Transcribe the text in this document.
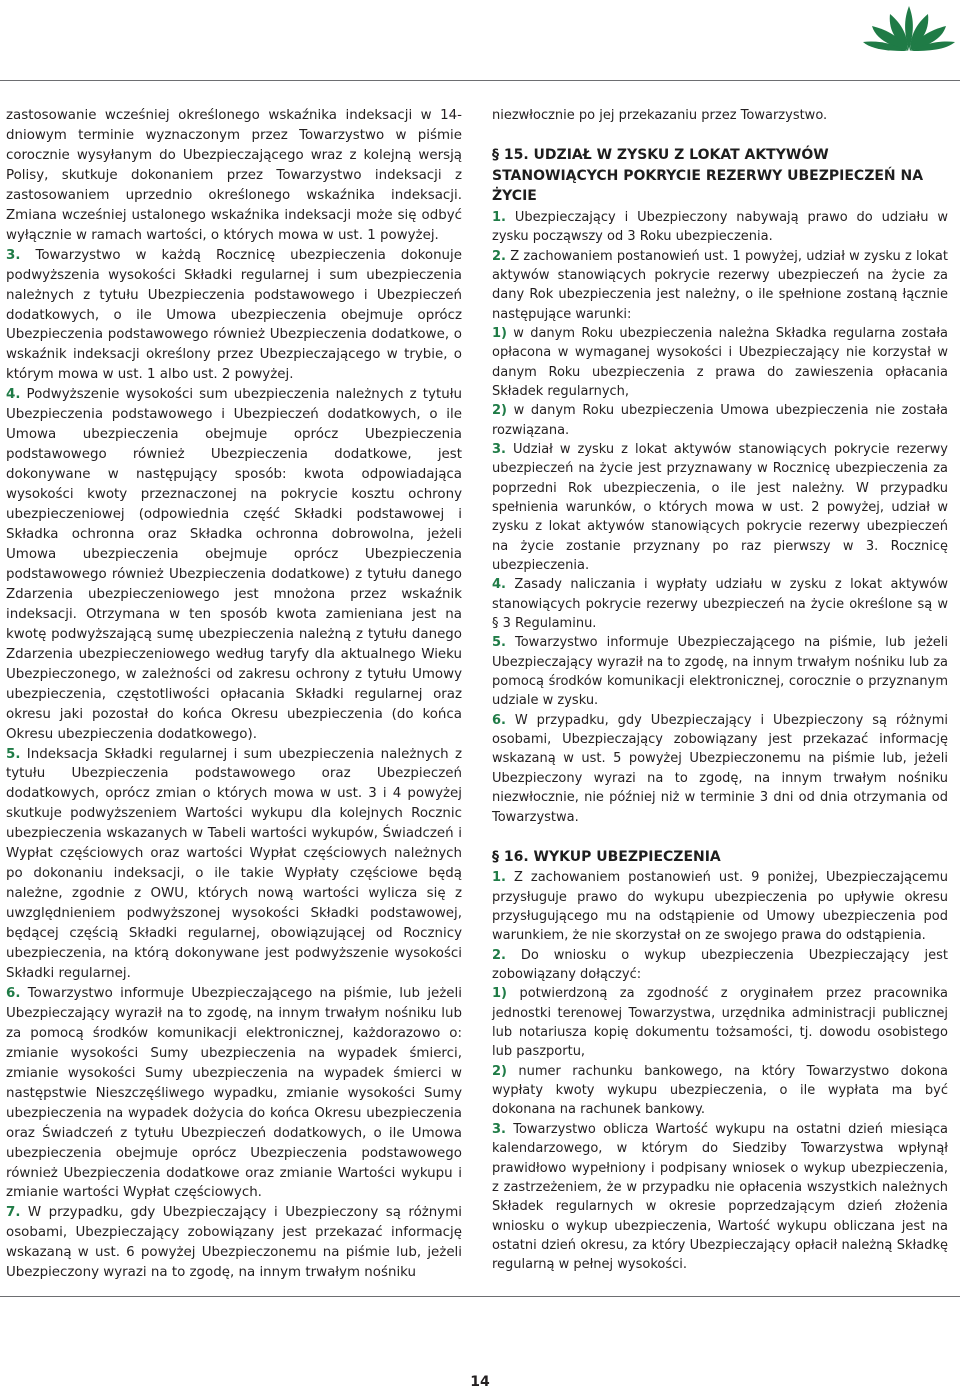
zastosowanie wcześniej określonego wskaźnika indeksacji w 14-dniowym terminie wyznaczonym przez Towarzystwo w piśmie corocznie wysyłanym do Ubezpieczającego wraz z kolejną wersją Polisy, skutkuje dokonaniem przez Towarzystwo indeksacji z zastosowaniem uprzednio określonego wskaźnika indeksacji. Zmiana wcześniej ustalonego wskaźnika indeksacji może się odbyć wyłącznie w ramach wartości, o których mowa w ust. 1 powyżej.

3. Towarzystwo w każdą Rocznicę ubezpieczenia dokonuje podwyższenia wysokości Składki regularnej i sum ubezpieczenia należnych z tytułu Ubezpieczenia podstawowego i Ubezpieczeń dodatkowych, o ile Umowa ubezpieczenia obejmuje oprócz Ubezpieczenia podstawowego również Ubezpieczenia dodatkowe, o wskaźnik indeksacji określony przez Ubezpieczającego w trybie, o którym mowa w ust. 1 albo ust. 2 powyżej.

4. Podwyższenie wysokości sum ubezpieczenia należnych z tytułu Ubezpieczenia podstawowego i Ubezpieczeń dodatkowych, o ile Umowa ubezpieczenia obejmuje oprócz Ubezpieczenia podstawowego również Ubezpieczenia dodatkowe, jest dokonywane w następujący sposób: kwota odpowiadająca wysokości kwoty przeznaczonej na pokrycie kosztu ochrony ubezpieczeniowej (odpowiednia część Składki podstawowej i Składka ochronna oraz Składka ochronna dobrowolna, jeżeli Umowa ubezpieczenia obejmuje oprócz Ubezpieczenia podstawowego również Ubezpieczenia dodatkowe) z tytułu danego Zdarzenia ubezpieczeniowego jest mnożona przez wskaźnik indeksacji. Otrzymana w ten sposób kwota zamieniana jest na kwotę podwyższającą sumę ubezpieczenia należną z tytułu danego Zdarzenia ubezpieczeniowego według taryfy dla aktualnego Wieku Ubezpieczonego, w zależności od zakresu ochrony z tytułu Umowy ubezpieczenia, częstotliwości opłacania Składki regularnej oraz okresu jaki pozostał do końca Okresu ubezpieczenia (do końca Okresu ubezpieczenia dodatkowego).

5. Indeksacja Składki regularnej i sum ubezpieczenia należnych z tytułu Ubezpieczenia podstawowego oraz Ubezpieczeń dodatkowych, oprócz zmian o których mowa w ust. 3 i 4 powyżej skutkuje podwyższeniem Wartości wykupu dla kolejnych Rocznic ubezpieczenia wskazanych w Tabeli wartości wykupów, Świadczeń i Wypłat częściowych oraz wartości Wypłat częściowych należnych po dokonaniu indeksacji, o ile takie Wypłaty częściowe będą należne, zgodnie z OWU, których nową wartości wylicza się z uwzględnieniem podwyższonej wysokości Składki podstawowej, będącej częścią Składki regularnej, obowiązującej od Rocznicy ubezpieczenia, na którą dokonywane jest podwyższenie wysokości Składki regularnej.

6. Towarzystwo informuje Ubezpieczającego na piśmie, lub jeżeli Ubezpieczający wyraził na to zgodę, na innym trwałym nośniku lub za pomocą środków komunikacji elektronicznej, każdorazowo o: zmianie wysokości Sumy ubezpieczenia na wypadek śmierci, zmianie wysokości Sumy ubezpieczenia na wypadek śmierci w następstwie Nieszczęśliwego wypadku, zmianie wysokości Sumy ubezpieczenia na wypadek dożycia do końca Okresu ubezpieczenia oraz Świadczeń z tytułu Ubezpieczeń dodatkowych, o ile Umowa ubezpieczenia obejmuje oprócz Ubezpieczenia podstawowego również Ubezpieczenia dodatkowe oraz zmianie Wartości wykupu i zmianie wartości Wypłat częściowych.

7. W przypadku, gdy Ubezpieczający i Ubezpieczony są różnymi osobami, Ubezpieczający zobowiązany jest przekazać informację wskazaną w ust. 6 powyżej Ubezpieczonemu na piśmie lub, jeżeli Ubezpieczony wyrazi na to zgodę, na innym trwałym nośniku

niezwłocznie po jej przekazaniu przez Towarzystwo.

§ 15. UDZIAŁ W ZYSKU Z LOKAT AKTYWÓW STANOWIĄCYCH POKRYCIE REZERWY UBEZPIECZEŃ NA ŻYCIE

1. Ubezpieczający i Ubezpieczony nabywają prawo do udziału w zysku począwszy od 3 Roku ubezpieczenia.

2. Z zachowaniem postanowień ust. 1 powyżej, udział w zysku z lokat aktywów stanowiących pokrycie rezerwy ubezpieczeń na życie za dany Rok ubezpieczenia jest należny, o ile spełnione zostaną łącznie następujące warunki:

1) w danym Roku ubezpieczenia należna Składka regularna została opłacona w wymaganej wysokości i Ubezpieczający nie korzystał w danym Roku ubezpieczenia z prawa do zawieszenia opłacania Składek regularnych,

2) w danym Roku ubezpieczenia Umowa ubezpieczenia nie została rozwiązana.

3. Udział w zysku z lokat aktywów stanowiących pokrycie rezerwy ubezpieczeń na życie jest przyznawany w Rocznicę ubezpieczenia za poprzedni Rok ubezpieczenia, o ile jest należny. W przypadku spełnienia warunków, o których mowa w ust. 2 powyżej, udział w zysku z lokat aktywów stanowiących pokrycie rezerwy ubezpieczeń na życie zostanie przyznany po raz pierwszy w 3. Rocznicę ubezpieczenia.

4. Zasady naliczania i wypłaty udziału w zysku z lokat aktywów stanowiących pokrycie rezerwy ubezpieczeń na życie określone są w § 3 Regulaminu.

5. Towarzystwo informuje Ubezpieczającego na piśmie, lub jeżeli Ubezpieczający wyraził na to zgodę, na innym trwałym nośniku lub za pomocą środków komunikacji elektronicznej, corocznie o przyznanym udziale w zysku.

6. W przypadku, gdy Ubezpieczający i Ubezpieczony są różnymi osobami, Ubezpieczający zobowiązany jest przekazać informację wskazaną w ust. 5 powyżej Ubezpieczonemu na piśmie lub, jeżeli Ubezpieczony wyrazi na to zgodę, na innym trwałym nośniku niezwłocznie, nie później niż w terminie 3 dni od dnia otrzymania od Towarzystwa.

§ 16. WYKUP UBEZPIECZENIA

1. Z zachowaniem postanowień ust. 9 poniżej, Ubezpieczającemu przysługuje prawo do wykupu ubezpieczenia po upływie okresu przysługującego mu na odstąpienie od Umowy ubezpieczenia pod warunkiem, że nie skorzystał on ze swojego prawa do odstąpienia.

2. Do wniosku o wykup ubezpieczenia Ubezpieczający jest zobowiązany dołączyć:

1) potwierdzoną za zgodność z oryginałem przez pracownika jednostki terenowej Towarzystwa, urzędnika administracji publicznej lub notariusza kopię dokumentu tożsamości, tj. dowodu osobistego lub paszportu,

2) numer rachunku bankowego, na który Towarzystwo dokona wypłaty kwoty wykupu ubezpieczenia, o ile wypłata ma być dokonana na rachunek bankowy.

3. Towarzystwo oblicza Wartość wykupu na ostatni dzień miesiąca kalendarzowego, w którym do Siedziby Towarzystwa wpłynął prawidłowo wypełniony i podpisany wniosek o wykup ubezpieczenia, z zastrzeżeniem, że w przypadku nie opłacenia wszystkich należnych Składek regularnych w okresie poprzedzającym dzień złożenia wniosku o wykup ubezpieczenia, Wartość wykupu obliczana jest na ostatni dzień okresu, za który Ubezpieczający opłacił należną Składkę regularną w pełnej wysokości.

14
